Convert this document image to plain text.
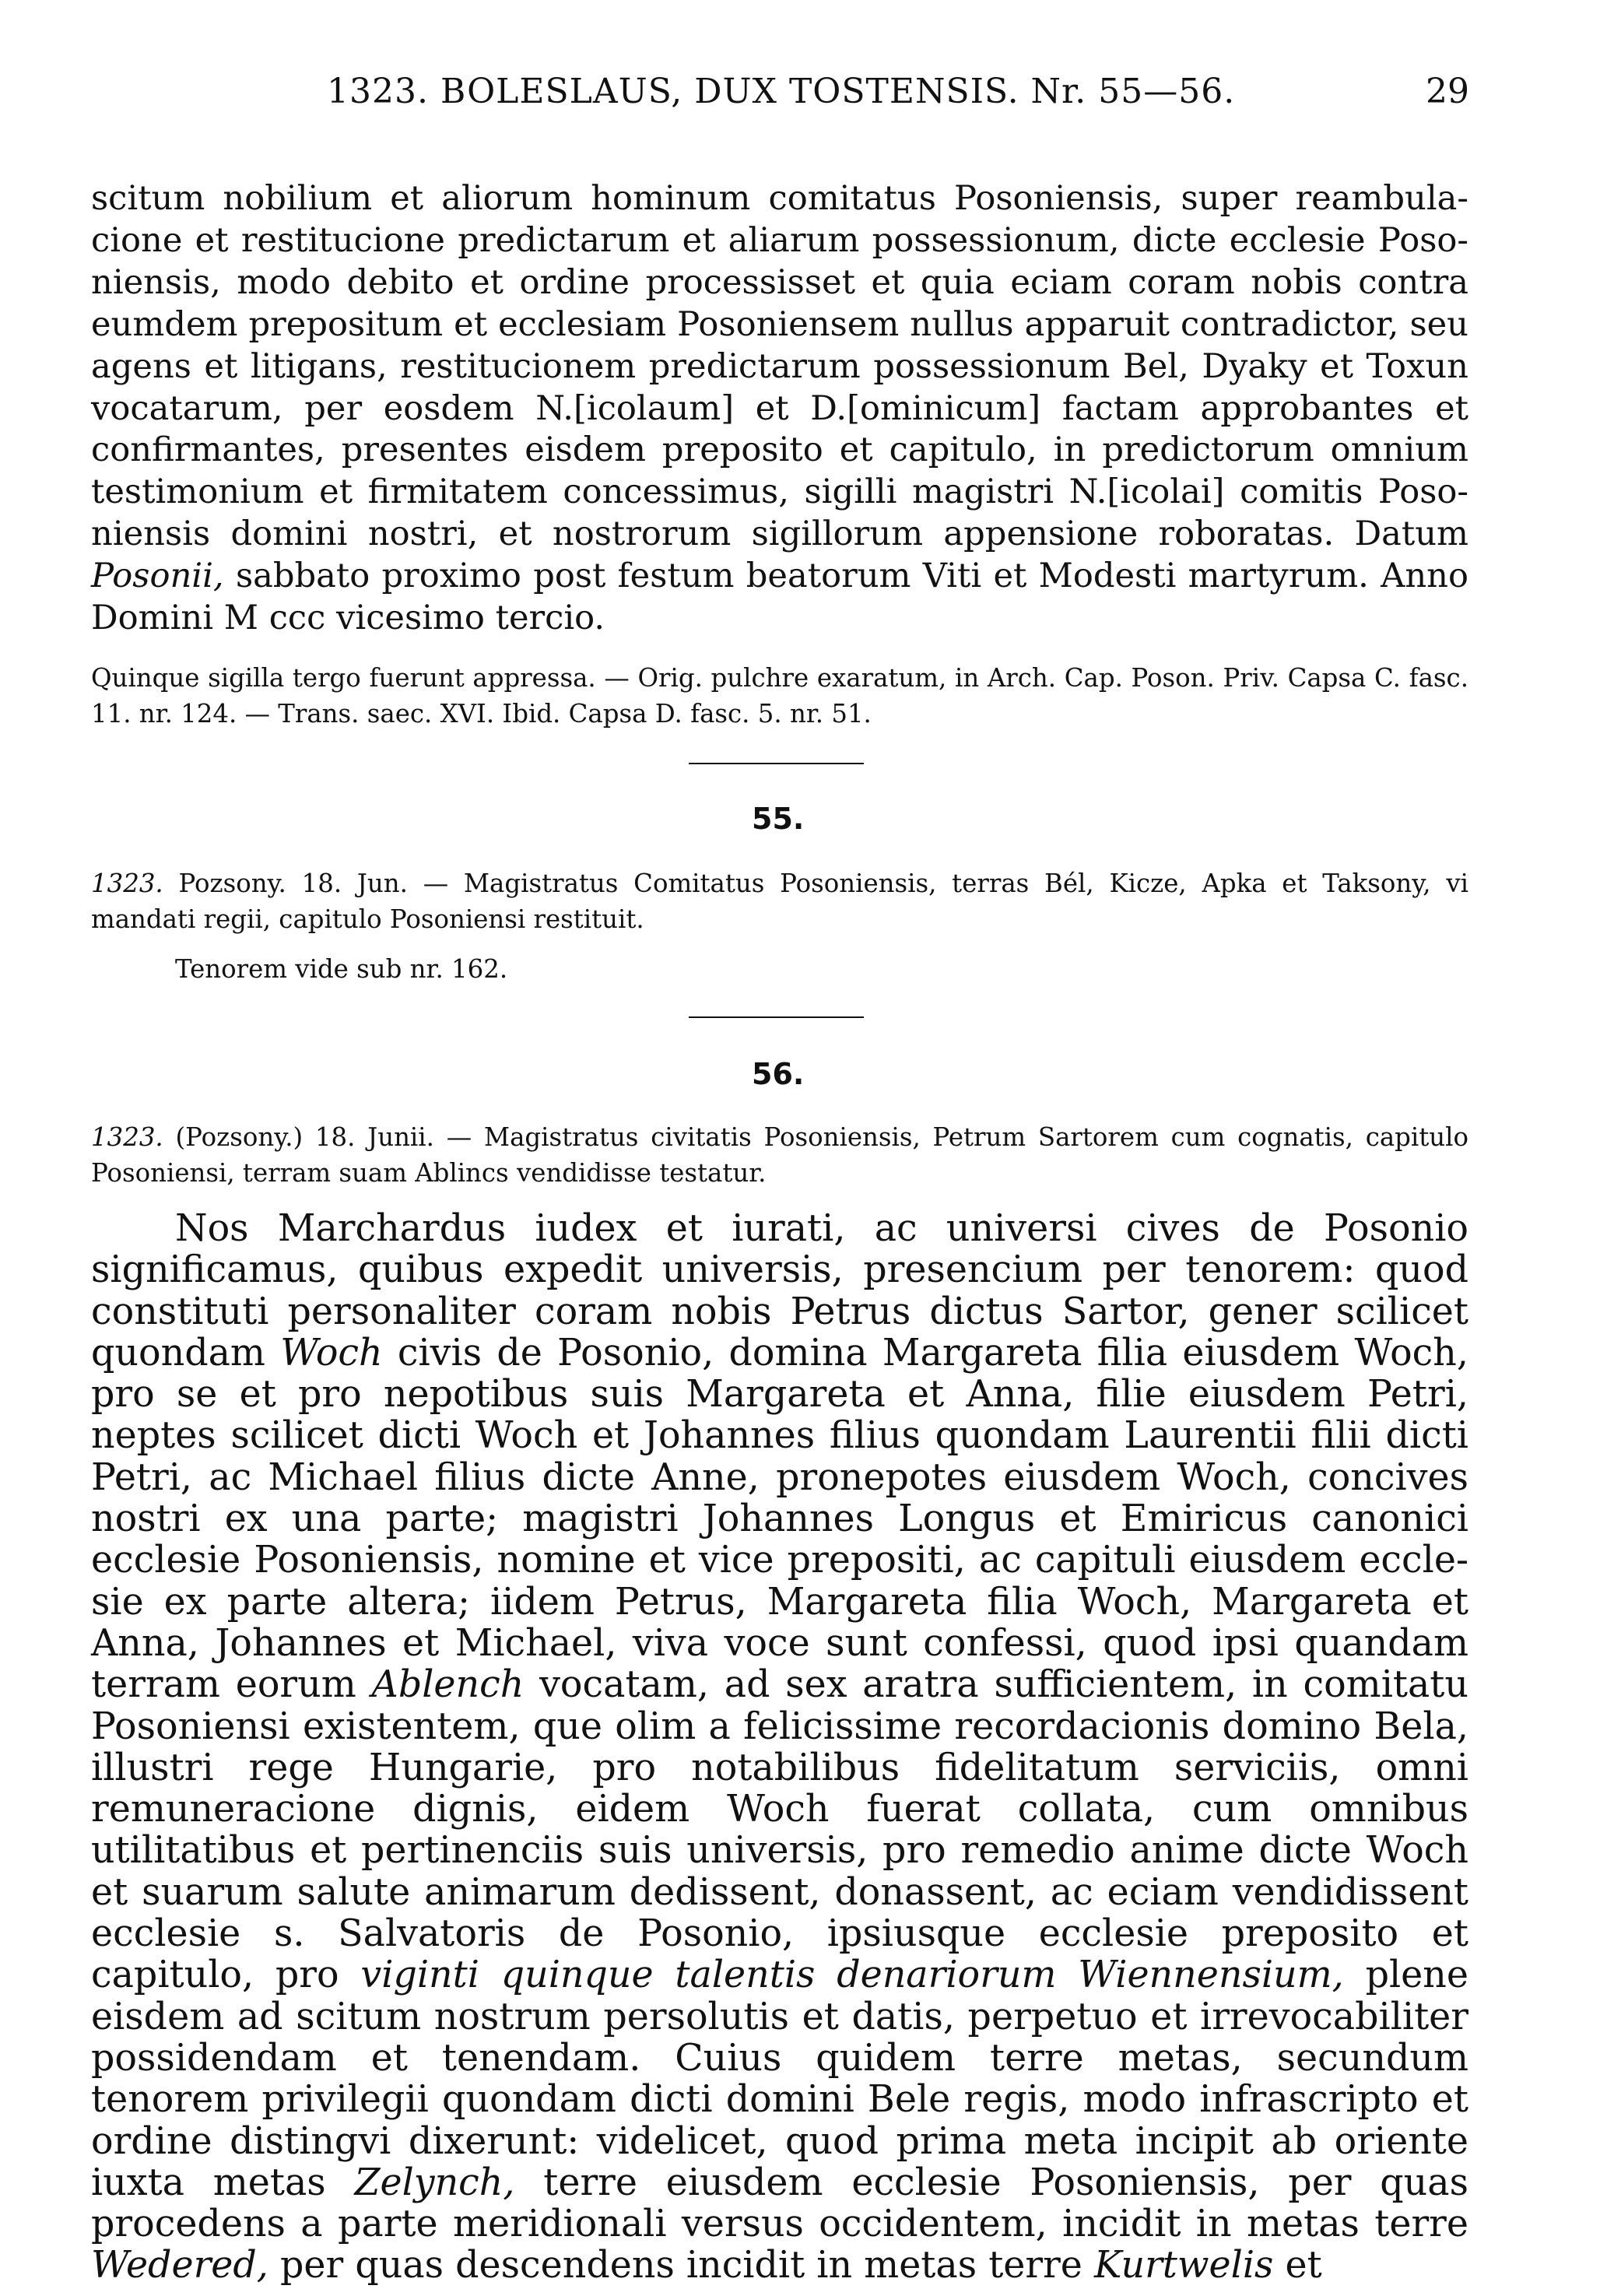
1323. BOLESLAUS, DUX TOSTENSIS. Nr. 55—56.	29

scitum nobilium et aliorum hominum comitatus Posoniensis, super reambulacione et restitucione predictarum et aliarum possessionum, dicte ecclesie Posoniensis, modo debito et ordine processisset et quia eciam coram nobis contra eumdem prepositum et ecclesiam Posoniensem nullus apparuit contradictor, seu agens et litigans, restitucionem predictarum possessionum Bel, Dyaky et Toxun vocatarum, per eosdem N.[icolaum] et D.[ominicum] factam approbantes et confirmantes, presentes eisdem preposito et capitulo, in predictorum omnium testimonium et firmitatem concessimus, sigilli magistri N.[icolai] comitis Posoniensis domini nostri, et nostrorum sigillorum appensione roboratas. Datum Posonii, sabbato proximo post festum beatorum Viti et Modesti martyrum. Anno Domini M ccc vicesimo tercio.

Quinque sigilla tergo fuerunt appressa. — Orig. pulchre exaratum, in Arch. Cap. Poson. Priv. Capsa C. fasc. 11. nr. 124. — Trans. saec. XVI. Ibid. Capsa D. fasc. 5. nr. 51.

55.

1323. Pozsony. 18. Jun. — Magistratus Comitatus Posoniensis, terras Bél, Kicze, Apka et Taksony, vi mandati regii, capitulo Posoniensi restituit.

Tenorem vide sub nr. 162.

56.

1323. (Pozsony.) 18. Junii. — Magistratus civitatis Posoniensis, Petrum Sartorem cum cognatis, capitulo Posoniensi, terram suam Ablincs vendidisse testatur.

Nos Marchardus iudex et iurati, ac universi cives de Posonio significamus, quibus expedit universis, presencium per tenorem: quod constituti personaliter coram nobis Petrus dictus Sartor, gener scilicet quondam Woch civis de Posonio, domina Margareta filia eiusdem Woch, pro se et pro nepotibus suis Margareta et Anna, filie eiusdem Petri, neptes scilicet dicti Woch et Johannes filius quondam Laurentii filii dicti Petri, ac Michael filius dicte Anne, pronepotes eiusdem Woch, concives nostri ex una parte; magistri Johannes Longus et Emiricus canonici ecclesie Posoniensis, nomine et vice prepositi, ac capituli eiusdem ecclesie ex parte altera; iidem Petrus, Margareta filia Woch, Margareta et Anna, Johannes et Michael, viva voce sunt confessi, quod ipsi quandam terram eorum Ablench vocatam, ad sex aratra sufficientem, in comitatu Posoniensi existentem, que olim a felicissime recordacionis domino Bela, illustri rege Hungarie, pro notabilibus fidelitatum serviciis, omni remuneracione dignis, eidem Woch fuerat collata, cum omnibus utilitatibus et pertinenciis suis universis, pro remedio anime dicte Woch et suarum salute animarum dedissent, donassent, ac eciam vendidissent ecclesie s. Salvatoris de Posonio, ipsiusque ecclesie preposito et capitulo, pro viginti quinque talentis denariorum Wiennensium, plene eisdem ad scitum nostrum persolutis et datis, perpetuo et irrevocabiliter possidendam et tenendam. Cuius quidem terre metas, secundum tenorem privilegii quondam dicti domini Bele regis, modo infrascripto et ordine distingvi dixerunt: videlicet, quod prima meta incipit ab oriente iuxta metas Zelynch, terre eiusdem ecclesie Posoniensis, per quas procedens a parte meridionali versus occidentem, incidit in metas terre Wedered, per quas descendens incidit in metas terre Kurtwelis et
